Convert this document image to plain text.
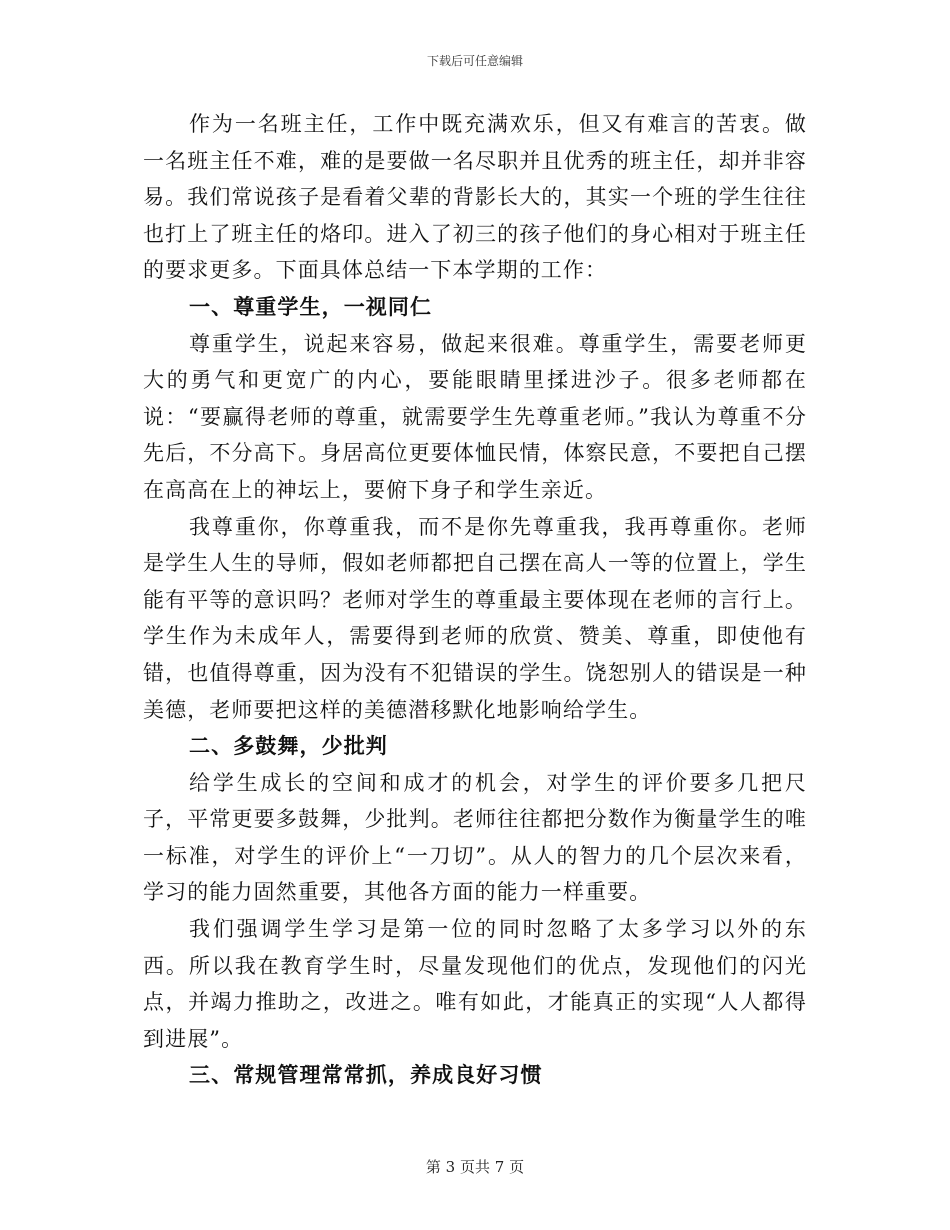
下载后可任意编辑

作为一名班主任，工作中既充满欢乐，但又有难言的苦衷。做一名班主任不难，难的是要做一名尽职并且优秀的班主任，却并非容易。我们常说孩子是看着父辈的背影长大的，其实一个班的学生往往也打上了班主任的烙印。进入了初三的孩子他们的身心相对于班主任的要求更多。下面具体总结一下本学期的工作：

一、尊重学生，一视同仁

尊重学生，说起来容易，做起来很难。尊重学生，需要老师更大的勇气和更宽广的内心，要能眼睛里揉进沙子。很多老师都在说：“要赢得老师的尊重，就需要学生先尊重老师。”我认为尊重不分先后，不分高下。身居高位更要体恤民情，体察民意，不要把自己摆在高高在上的神坛上，要俯下身子和学生亲近。

我尊重你，你尊重我，而不是你先尊重我，我再尊重你。老师是学生人生的导师，假如老师都把自己摆在高人一等的位置上，学生能有平等的意识吗？老师对学生的尊重最主要体现在老师的言行上。学生作为未成年人，需要得到老师的欣赏、赞美、尊重，即使他有错，也值得尊重，因为没有不犯错误的学生。饶恕别人的错误是一种美德，老师要把这样的美德潜移默化地影响给学生。

二、多鼓舞，少批判

给学生成长的空间和成才的机会，对学生的评价要多几把尺子，平常更要多鼓舞，少批判。老师往往都把分数作为衡量学生的唯一标准，对学生的评价上“一刀切”。从人的智力的几个层次来看，学习的能力固然重要，其他各方面的能力一样重要。

我们强调学生学习是第一位的同时忽略了太多学习以外的东西。所以我在教育学生时，尽量发现他们的优点，发现他们的闪光点，并竭力推助之，改进之。唯有如此，才能真正的实现“人人都得到进展”。

三、常规管理常常抓，养成良好习惯

第 3 页共 7 页
